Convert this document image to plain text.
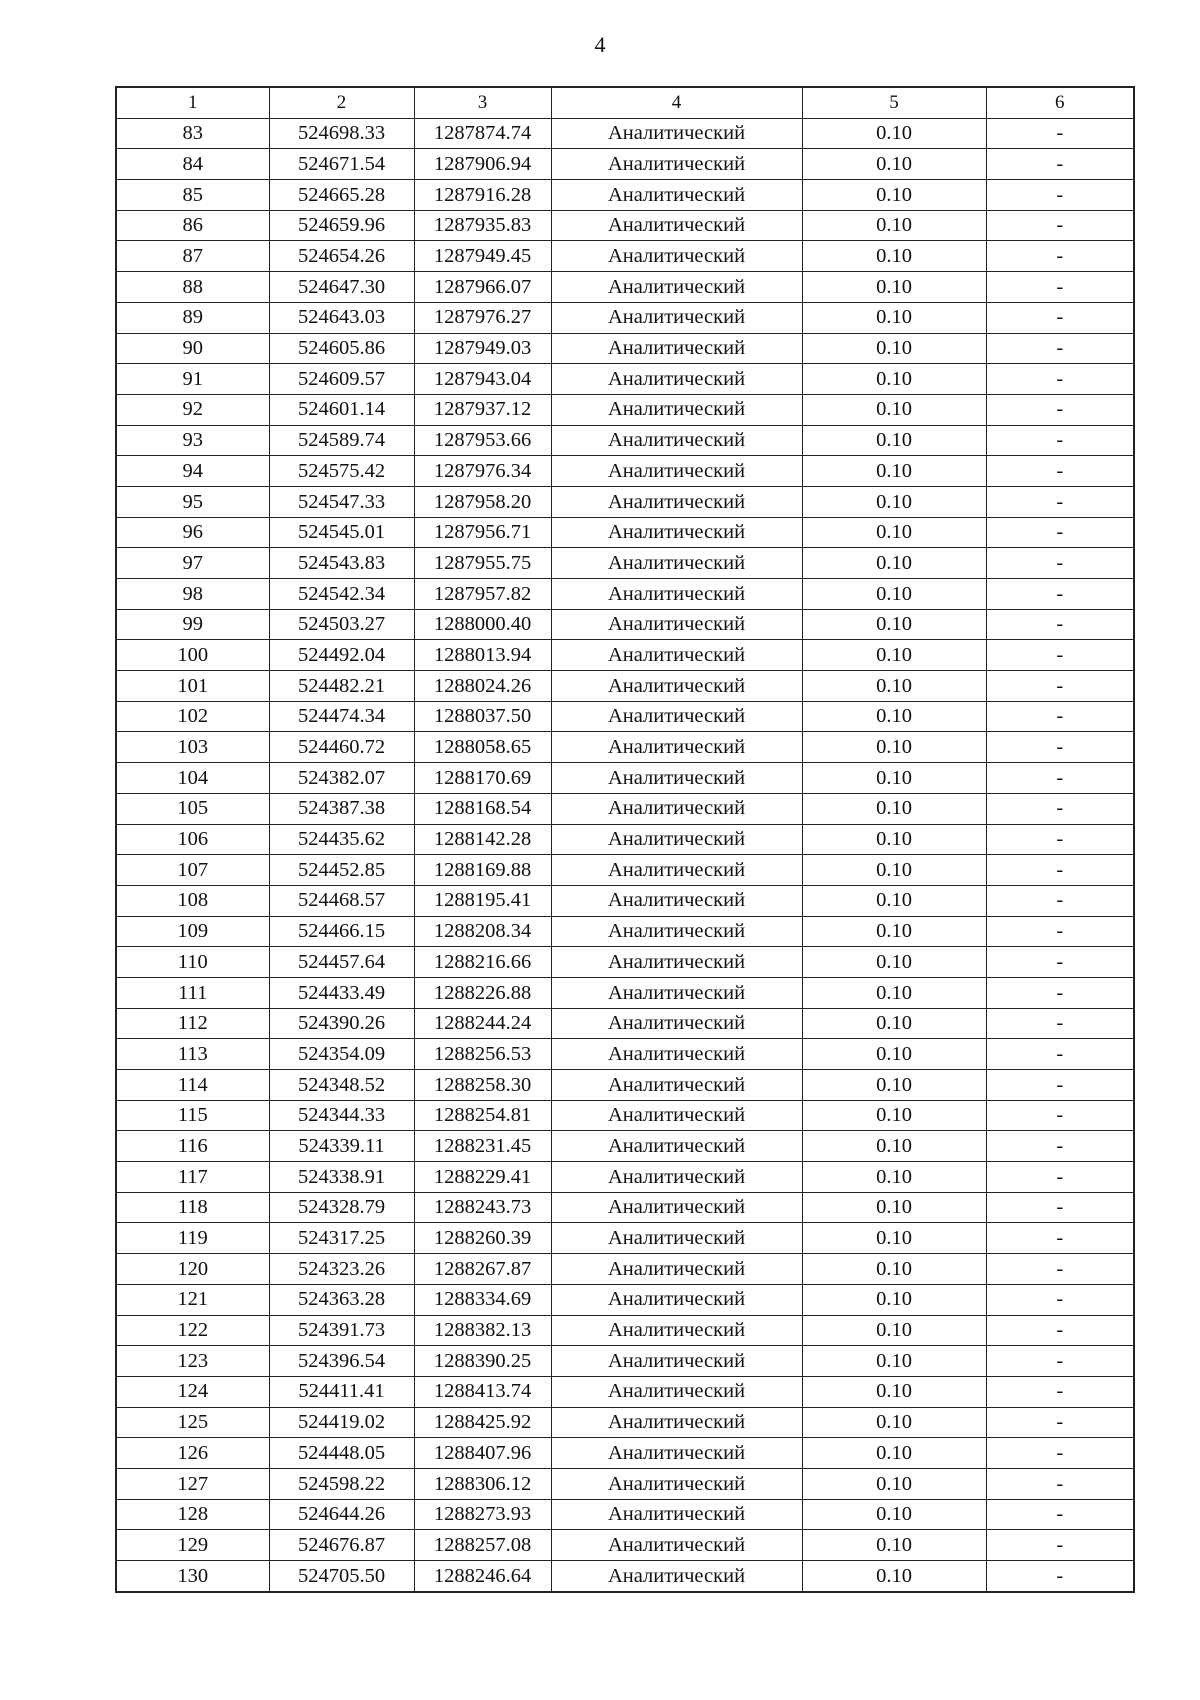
4
1	2	3	4	5	6
83	524698.33	1287874.74	Аналитический	0.10	-
84	524671.54	1287906.94	Аналитический	0.10	-
85	524665.28	1287916.28	Аналитический	0.10	-
86	524659.96	1287935.83	Аналитический	0.10	-
87	524654.26	1287949.45	Аналитический	0.10	-
88	524647.30	1287966.07	Аналитический	0.10	-
89	524643.03	1287976.27	Аналитический	0.10	-
90	524605.86	1287949.03	Аналитический	0.10	-
91	524609.57	1287943.04	Аналитический	0.10	-
92	524601.14	1287937.12	Аналитический	0.10	-
93	524589.74	1287953.66	Аналитический	0.10	-
94	524575.42	1287976.34	Аналитический	0.10	-
95	524547.33	1287958.20	Аналитический	0.10	-
96	524545.01	1287956.71	Аналитический	0.10	-
97	524543.83	1287955.75	Аналитический	0.10	-
98	524542.34	1287957.82	Аналитический	0.10	-
99	524503.27	1288000.40	Аналитический	0.10	-
100	524492.04	1288013.94	Аналитический	0.10	-
101	524482.21	1288024.26	Аналитический	0.10	-
102	524474.34	1288037.50	Аналитический	0.10	-
103	524460.72	1288058.65	Аналитический	0.10	-
104	524382.07	1288170.69	Аналитический	0.10	-
105	524387.38	1288168.54	Аналитический	0.10	-
106	524435.62	1288142.28	Аналитический	0.10	-
107	524452.85	1288169.88	Аналитический	0.10	-
108	524468.57	1288195.41	Аналитический	0.10	-
109	524466.15	1288208.34	Аналитический	0.10	-
110	524457.64	1288216.66	Аналитический	0.10	-
111	524433.49	1288226.88	Аналитический	0.10	-
112	524390.26	1288244.24	Аналитический	0.10	-
113	524354.09	1288256.53	Аналитический	0.10	-
114	524348.52	1288258.30	Аналитический	0.10	-
115	524344.33	1288254.81	Аналитический	0.10	-
116	524339.11	1288231.45	Аналитический	0.10	-
117	524338.91	1288229.41	Аналитический	0.10	-
118	524328.79	1288243.73	Аналитический	0.10	-
119	524317.25	1288260.39	Аналитический	0.10	-
120	524323.26	1288267.87	Аналитический	0.10	-
121	524363.28	1288334.69	Аналитический	0.10	-
122	524391.73	1288382.13	Аналитический	0.10	-
123	524396.54	1288390.25	Аналитический	0.10	-
124	524411.41	1288413.74	Аналитический	0.10	-
125	524419.02	1288425.92	Аналитический	0.10	-
126	524448.05	1288407.96	Аналитический	0.10	-
127	524598.22	1288306.12	Аналитический	0.10	-
128	524644.26	1288273.93	Аналитический	0.10	-
129	524676.87	1288257.08	Аналитический	0.10	-
130	524705.50	1288246.64	Аналитический	0.10	-
